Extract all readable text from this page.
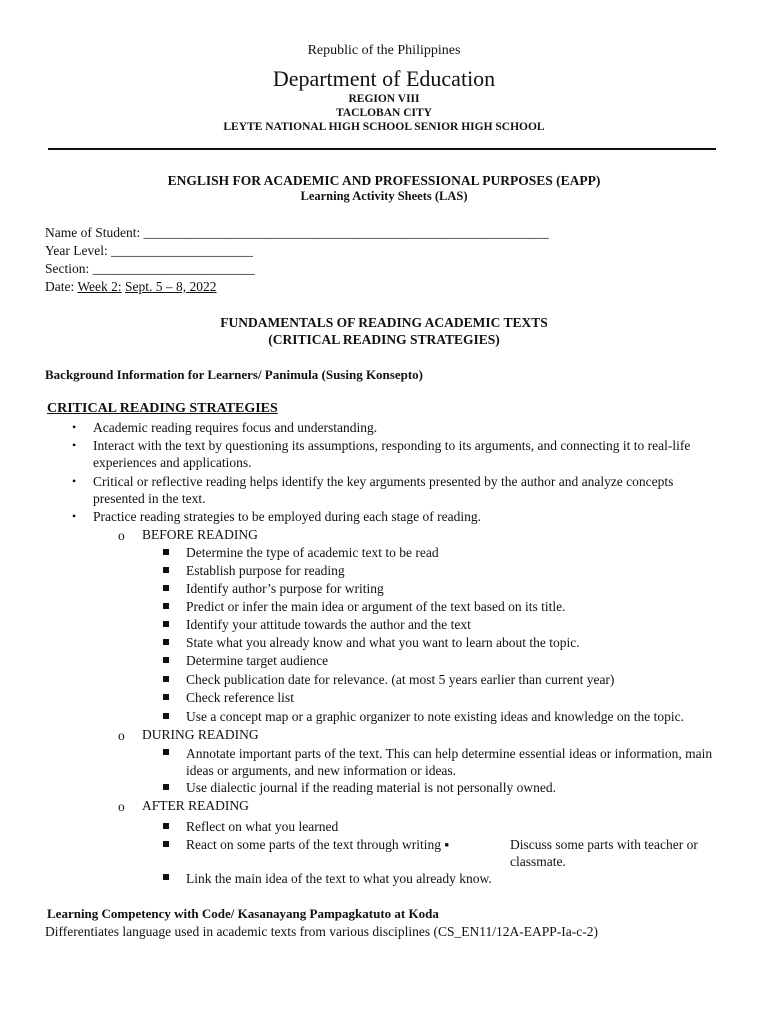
Republic of the Philippines
Department of Education
REGION VIII
TACLOBAN CITY
LEYTE NATIONAL HIGH SCHOOL SENIOR HIGH SCHOOL
ENGLISH FOR ACADEMIC AND PROFESSIONAL PURPOSES (EAPP)
Learning Activity Sheets (LAS)
Name of Student: ____________________________________________________________
Year Level: _____________________
Section: ________________________
Date: Week 2: Sept. 5 – 8, 2022
FUNDAMENTALS OF READING ACADEMIC TEXTS
(CRITICAL READING STRATEGIES)
Background Information for Learners/ Panimula (Susing Konsepto)
CRITICAL READING STRATEGIES
• Academic reading requires focus and understanding.
• Interact with the text by questioning its assumptions, responding to its arguments, and connecting it to real-life experiences and applications.
• Critical or reflective reading helps identify the key arguments presented by the author and analyze concepts presented in the text.
• Practice reading strategies to be employed during each stage of reading.
o BEFORE READING
Determine the type of academic text to be read
Establish purpose for reading
Identify author’s purpose for writing
Predict or infer the main idea or argument of the text based on its title.
Identify your attitude towards the author and the text
State what you already know and what you want to learn about the topic.
Determine target audience
Check publication date for relevance. (at most 5 years earlier than current year)
Check reference list
Use a concept map or a graphic organizer to note existing ideas and knowledge on the topic.
o DURING READING
Annotate important parts of the text. This can help determine essential ideas or information, main ideas or arguments, and new information or ideas.
Use dialectic journal if the reading material is not personally owned.
o AFTER READING
Reflect on what you learned
React on some parts of the text through writing ▪	Discuss some parts with teacher or classmate.
Link the main idea of the text to what you already know.
Learning Competency with Code/ Kasanayang Pampagkatuto at Koda
Differentiates language used in academic texts from various disciplines (CS_EN11/12A-EAPP-Ia-c-2)
